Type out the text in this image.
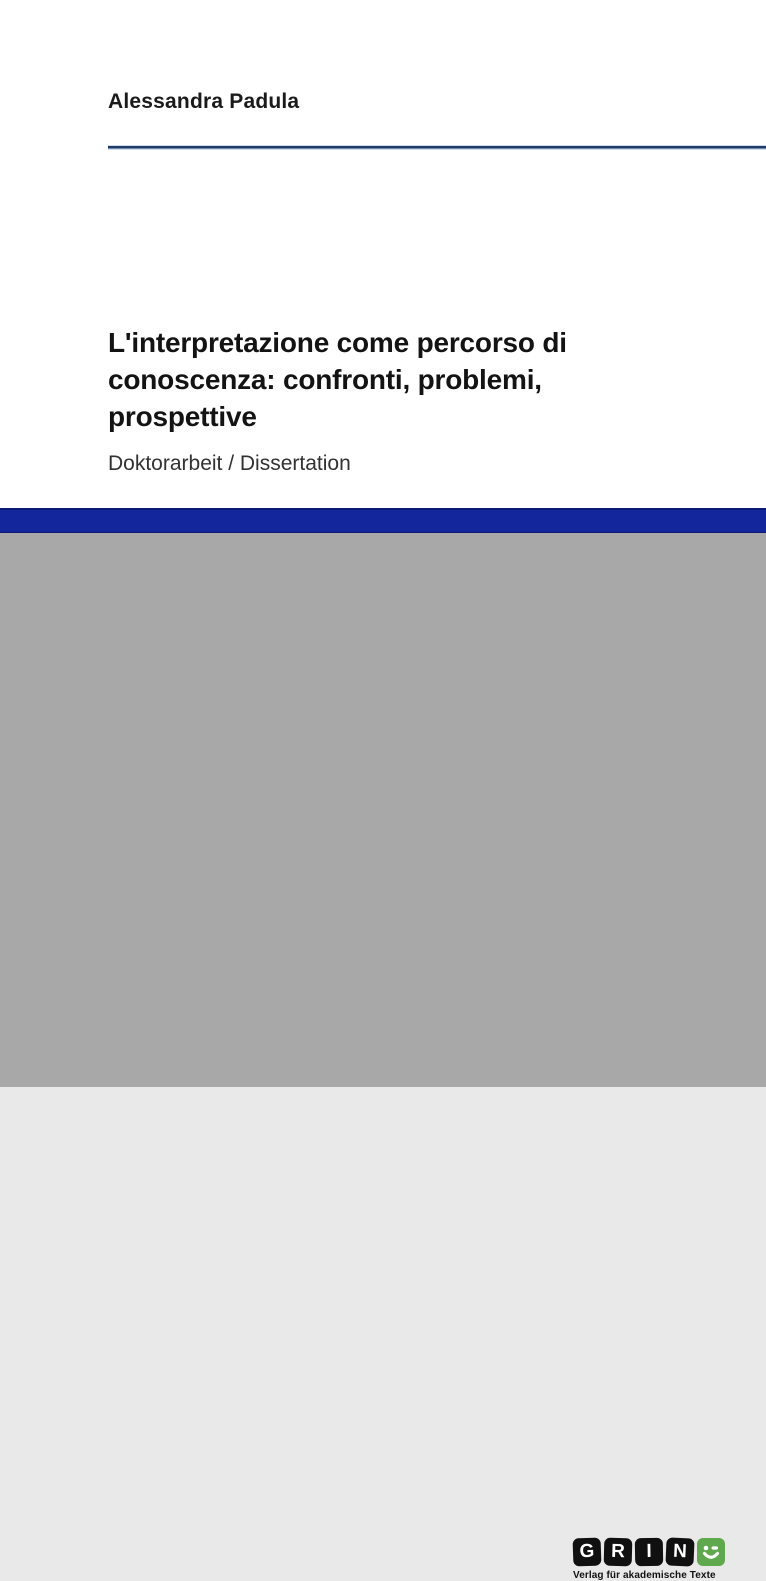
Alessandra Padula
L'interpretazione come percorso di conoscenza: confronti, problemi, prospettive
Doktorarbeit / Dissertation
G R	I	N
Verlag für akademische Texte
